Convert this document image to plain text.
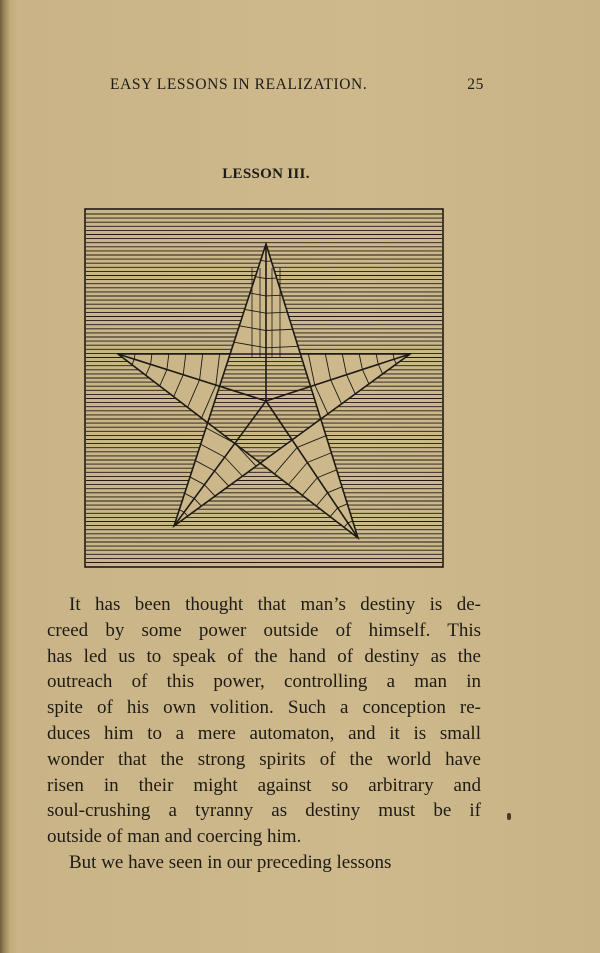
EASY LESSONS IN REALIZATION.	25
LESSON III.
It has been thought that man’s destiny is de-
creed by some power outside of himself. This
has led us to speak of the hand of destiny as the
outreach of this power, controlling a man in
spite of his own volition. Such a conception re-
duces him to a mere automaton, and it is small
wonder that the strong spirits of the world have
risen in their might against so arbitrary and
soul-crushing a tyranny as destiny must be if
outside of man and coercing him.
But we have seen in our preceding lessons
